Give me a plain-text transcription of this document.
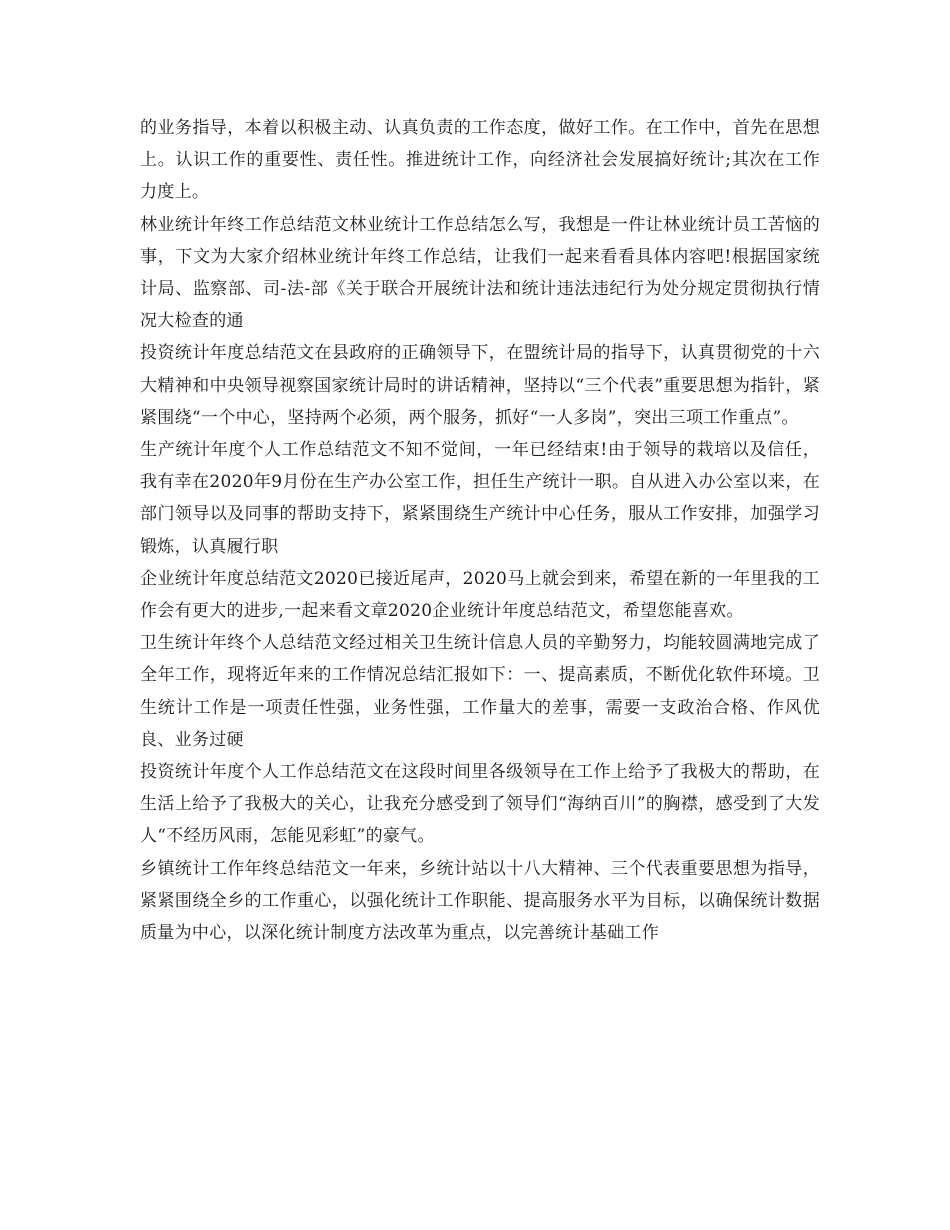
的业务指导，本着以积极主动、认真负责的工作态度，做好工作。在工作中，首先在思想上。认识工作的重要性、责任性。推进统计工作，向经济社会发展搞好统计;其次在工作力度上。

林业统计年终工作总结范文林业统计工作总结怎么写，我想是一件让林业统计员工苦恼的事，下文为大家介绍林业统计年终工作总结，让我们一起来看看具体内容吧!根据国家统计局、监察部、司-法-部《关于联合开展统计法和统计违法违纪行为处分规定贯彻执行情况大检查的通

投资统计年度总结范文在县政府的正确领导下，在盟统计局的指导下，认真贯彻党的十六大精神和中央领导视察国家统计局时的讲话精神，坚持以“三个代表”重要思想为指针，紧紧围绕“一个中心，坚持两个必须，两个服务，抓好“一人多岗”，突出三项工作重点”。

生产统计年度个人工作总结范文不知不觉间，一年已经结束!由于领导的栽培以及信任，我有幸在2020年9月份在生产办公室工作，担任生产统计一职。自从进入办公室以来，在部门领导以及同事的帮助支持下，紧紧围绕生产统计中心任务，服从工作安排，加强学习锻炼，认真履行职

企业统计年度总结范文2020已接近尾声，2020马上就会到来，希望在新的一年里我的工作会有更大的进步,一起来看文章2020企业统计年度总结范文，希望您能喜欢。

卫生统计年终个人总结范文经过相关卫生统计信息人员的辛勤努力，均能较圆满地完成了全年工作，现将近年来的工作情况总结汇报如下：一、提高素质，不断优化软件环境。卫生统计工作是一项责任性强，业务性强，工作量大的差事，需要一支政治合格、作风优良、业务过硬

投资统计年度个人工作总结范文在这段时间里各级领导在工作上给予了我极大的帮助，在生活上给予了我极大的关心，让我充分感受到了领导们“海纳百川”的胸襟，感受到了大发人“不经历风雨，怎能见彩虹”的豪气。

乡镇统计工作年终总结范文一年来，乡统计站以十八大精神、三个代表重要思想为指导，紧紧围绕全乡的工作重心，以强化统计工作职能、提高服务水平为目标，以确保统计数据质量为中心，以深化统计制度方法改革为重点，以完善统计基础工作
